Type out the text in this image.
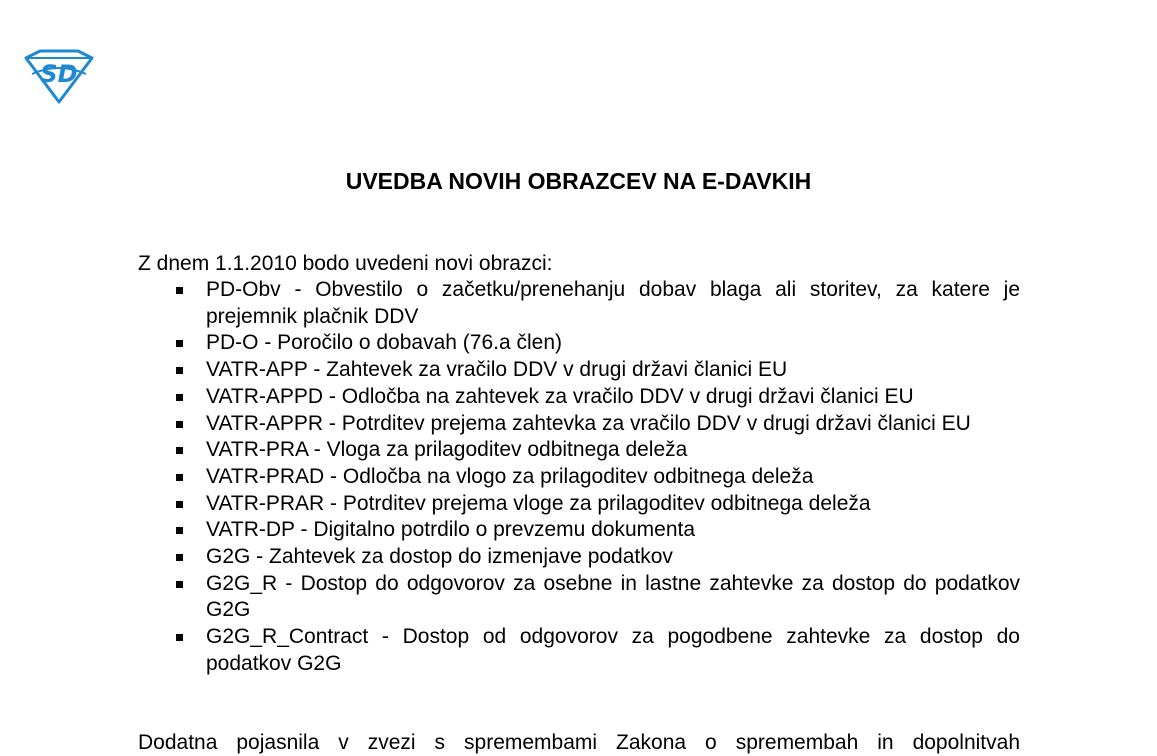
SD
UVEDBA NOVIH OBRAZCEV NA E-DAVKIH

Z dnem 1.1.2010 bodo uvedeni novi obrazci:

PD-Obv - Obvestilo o začetku/prenehanju dobav blaga ali storitev, za katere je prejemnik plačnik DDV
PD-O - Poročilo o dobavah (76.a člen)
VATR-APP - Zahtevek za vračilo DDV v drugi državi članici EU
VATR-APPD - Odločba na zahtevek za vračilo DDV v drugi državi članici EU
VATR-APPR - Potrditev prejema zahtevka za vračilo DDV v drugi državi članici EU
VATR-PRA - Vloga za prilagoditev odbitnega deleža
VATR-PRAD - Odločba na vlogo za prilagoditev odbitnega deleža
VATR-PRAR - Potrditev prejema vloge za prilagoditev odbitnega deleža
VATR-DP - Digitalno potrdilo o prevzemu dokumenta
G2G - Zahtevek za dostop do izmenjave podatkov
G2G_R - Dostop do odgovorov za osebne in lastne zahtevke za dostop do podatkov G2G
G2G_R_Contract - Dostop od odgovorov za pogodbene zahtevke za dostop do podatkov G2G

Dodatna pojasnila v zvezi s spremembami Zakona o spremembah in dopolnitvah
